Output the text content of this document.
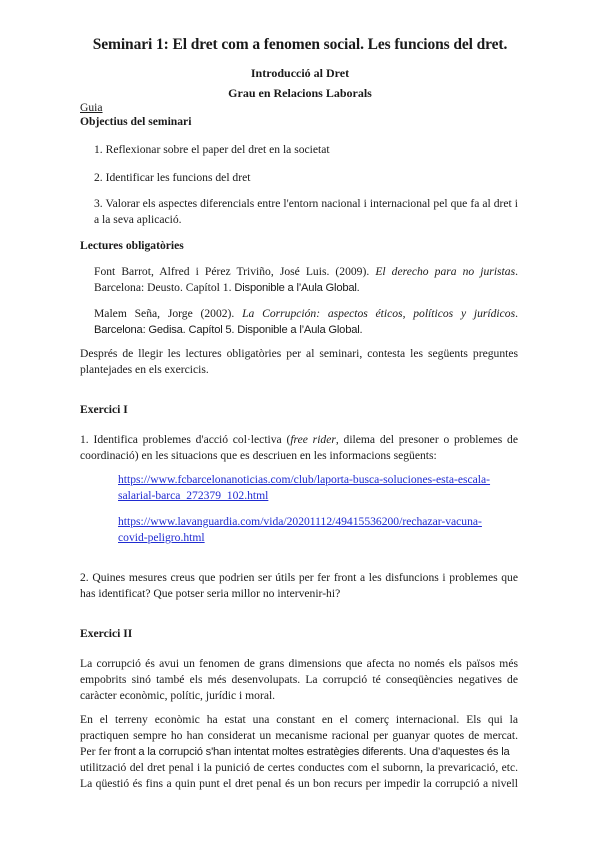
Seminari 1: El dret com a fenomen social. Les funcions del dret.
Introducció al Dret
Grau en Relacions Laborals
Guia
Objectius del seminari
1. Reflexionar sobre el paper del dret en la societat
2. Identificar les funcions del dret
3. Valorar els aspectes diferencials entre l'entorn nacional i internacional pel que fa al dret i a la seva aplicació.
Lectures obligatòries
Font Barrot, Alfred i Pérez Triviño, José Luis. (2009). El derecho para no juristas. Barcelona: Deusto. Capítol 1. Disponible a l’Aula Global.
Malem Seña, Jorge (2002). La Corrupción: aspectos éticos, políticos y jurídicos. Barcelona: Gedisa. Capítol 5. Disponible a l’Aula Global.
Després de llegir les lectures obligatòries per al seminari, contesta les següents preguntes plantejades en els exercicis.
Exercici I
1. Identifica problemes d'acció col·lectiva (free rider, dilema del presoner o problemes de coordinació) en les situacions que es descriuen en les informacions següents:
https://www.fcbarcelonanoticias.com/club/laporta-busca-soluciones-esta-escala-
salarial-barca_272379_102.html
https://www.lavanguardia.com/vida/20201112/49415536200/rechazar-vacuna-
covid-peligro.html
2. Quines mesures creus que podrien ser útils per fer front a les disfuncions i problemes que has identificat? Que potser seria millor no intervenir-hi?
Exercici II
La corrupció és avui un fenomen de grans dimensions que afecta no només els països més empobrits sinó també els més desenvolupats. La corrupció té conseqüències negatives de caràcter econòmic, polític, jurídic i moral.
En el terreny econòmic ha estat una constant en el comerç internacional. Els qui la
practiquen sempre ho han considerat un mecanisme racional per guanyar quotes de mercat.
Per fer front a la corrupció s'han intentat moltes estratègies diferents. Una d’aquestes és la
utilització del dret penal i la punició de certes conductes com el subornn, la prevaricació, etc.
La qüestió és fins a quin punt el dret penal és un bon recurs per impedir la corrupció a nivell
